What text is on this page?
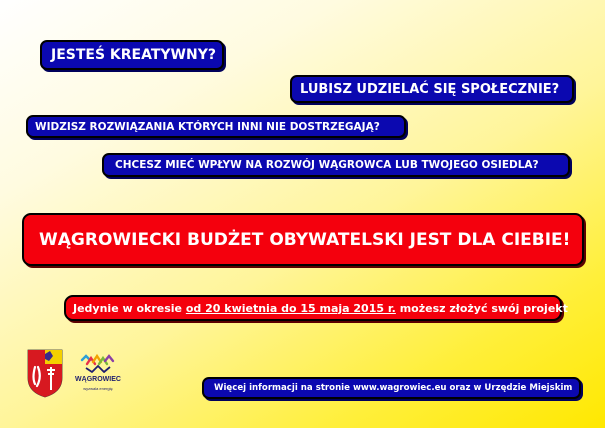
JESTEŚ KREATYWNY?
LUBISZ UDZIELAĆ SIĘ SPOŁECZNIE?
WIDZISZ ROZWIĄZANIA KTÓRYCH INNI NIE DOSTRZEGAJĄ?
CHCESZ MIEĆ WPŁYW NA ROZWÓJ WĄGROWCA LUB TWOJEGO OSIEDLA?
WĄGROWIECKI BUDŻET OBYWATELSKI JEST DLA CIEBIE!
Jedynie w okresie od 20 kwietnia do 15 maja 2015 r. możesz złożyć swój projekt
Więcej informacji na stronie www.wagrowiec.eu oraz w Urzędzie Miejskim
WĄGROWIEC
wyzwala energię
